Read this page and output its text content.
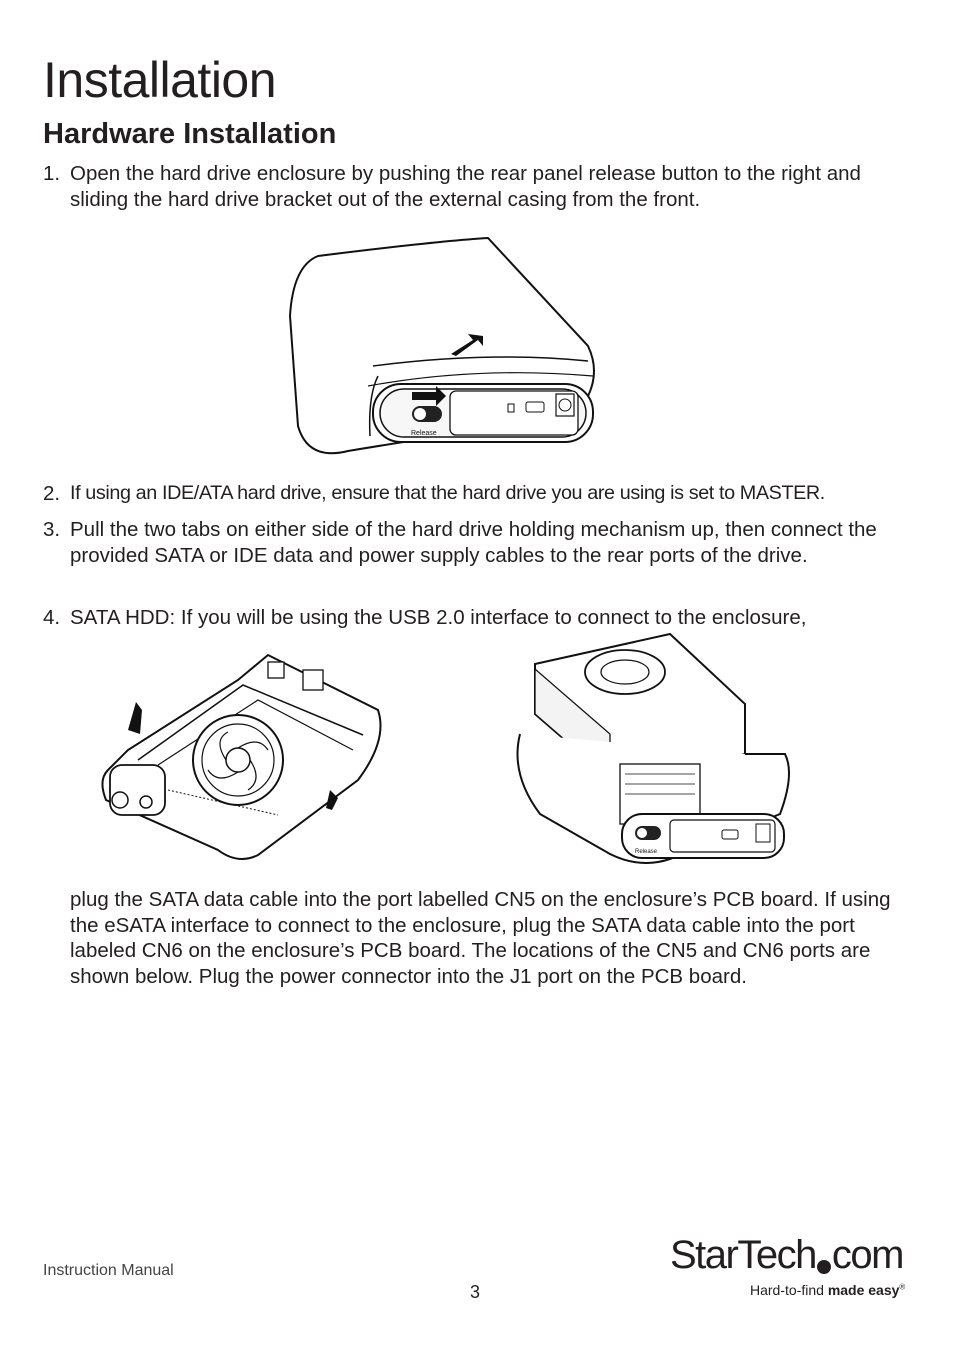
Installation
Hardware Installation
1. Open the hard drive enclosure by pushing the rear panel release button to the right and sliding the hard drive bracket out of the external casing from the front.
Release
2. If using an IDE/ATA hard drive, ensure that the hard drive you are using is set to MASTER.
3. Pull the two tabs on either side of the hard drive holding mechanism up, then connect the provided SATA or IDE data and power supply cables to the rear ports of the drive.
4. SATA HDD: If you will be using the USB 2.0 interface to connect to the enclosure,
Release
plug the SATA data cable into the port labelled CN5 on the enclosure’s PCB board. If using the eSATA interface to connect to the enclosure, plug the SATA data cable into the port labeled CN6 on the enclosure’s PCB board. The locations of the CN5 and CN6 ports are shown below. Plug the power connector into the J1 port on the PCB board.
Instruction Manual
3
StarTech com
Hard-to-find made easy®
